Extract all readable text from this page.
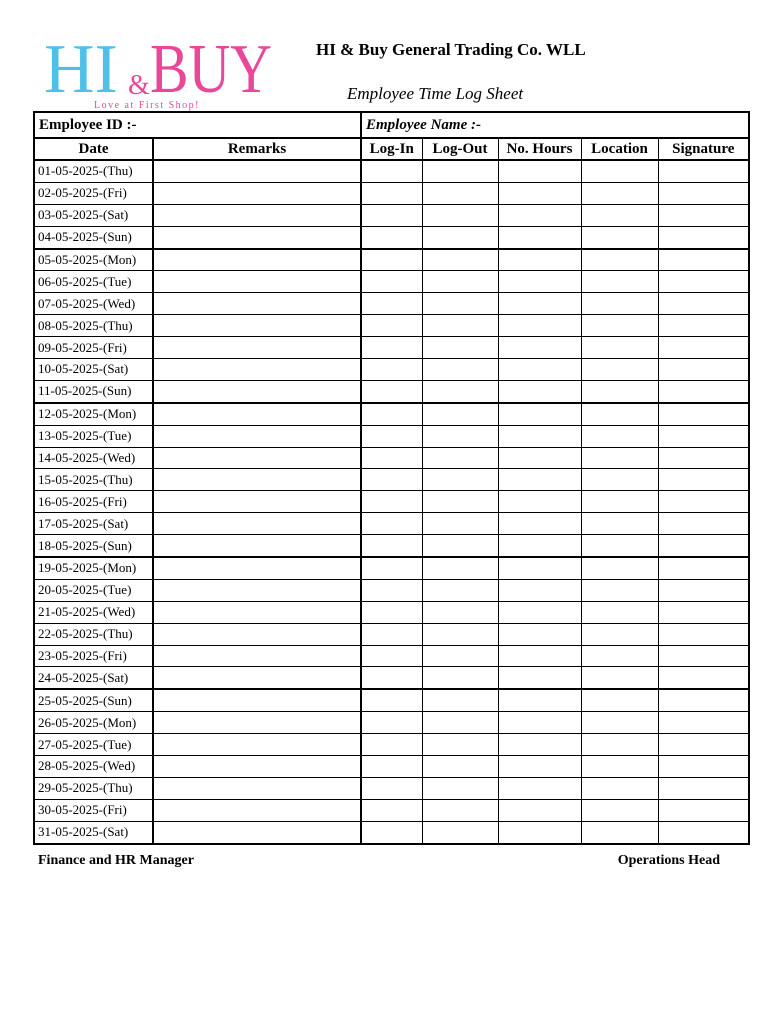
HI & BUY
Love at First Shop!
HI & Buy General Trading Co. WLL
Employee Time Log Sheet
Employee ID :-		Employee Name :-				
Date	Remarks	Log-In	Log-Out	No. Hours	Location	Signature
01-05-2025-(Thu)						
02-05-2025-(Fri)						
03-05-2025-(Sat)						
04-05-2025-(Sun)						
05-05-2025-(Mon)						
06-05-2025-(Tue)						
07-05-2025-(Wed)						
08-05-2025-(Thu)						
09-05-2025-(Fri)						
10-05-2025-(Sat)						
11-05-2025-(Sun)						
12-05-2025-(Mon)						
13-05-2025-(Tue)						
14-05-2025-(Wed)						
15-05-2025-(Thu)						
16-05-2025-(Fri)						
17-05-2025-(Sat)						
18-05-2025-(Sun)						
19-05-2025-(Mon)						
20-05-2025-(Tue)						
21-05-2025-(Wed)						
22-05-2025-(Thu)						
23-05-2025-(Fri)						
24-05-2025-(Sat)						
25-05-2025-(Sun)						
26-05-2025-(Mon)						
27-05-2025-(Tue)						
28-05-2025-(Wed)						
29-05-2025-(Thu)						
30-05-2025-(Fri)						
31-05-2025-(Sat)						
Finance and HR Manager	Operations Head
